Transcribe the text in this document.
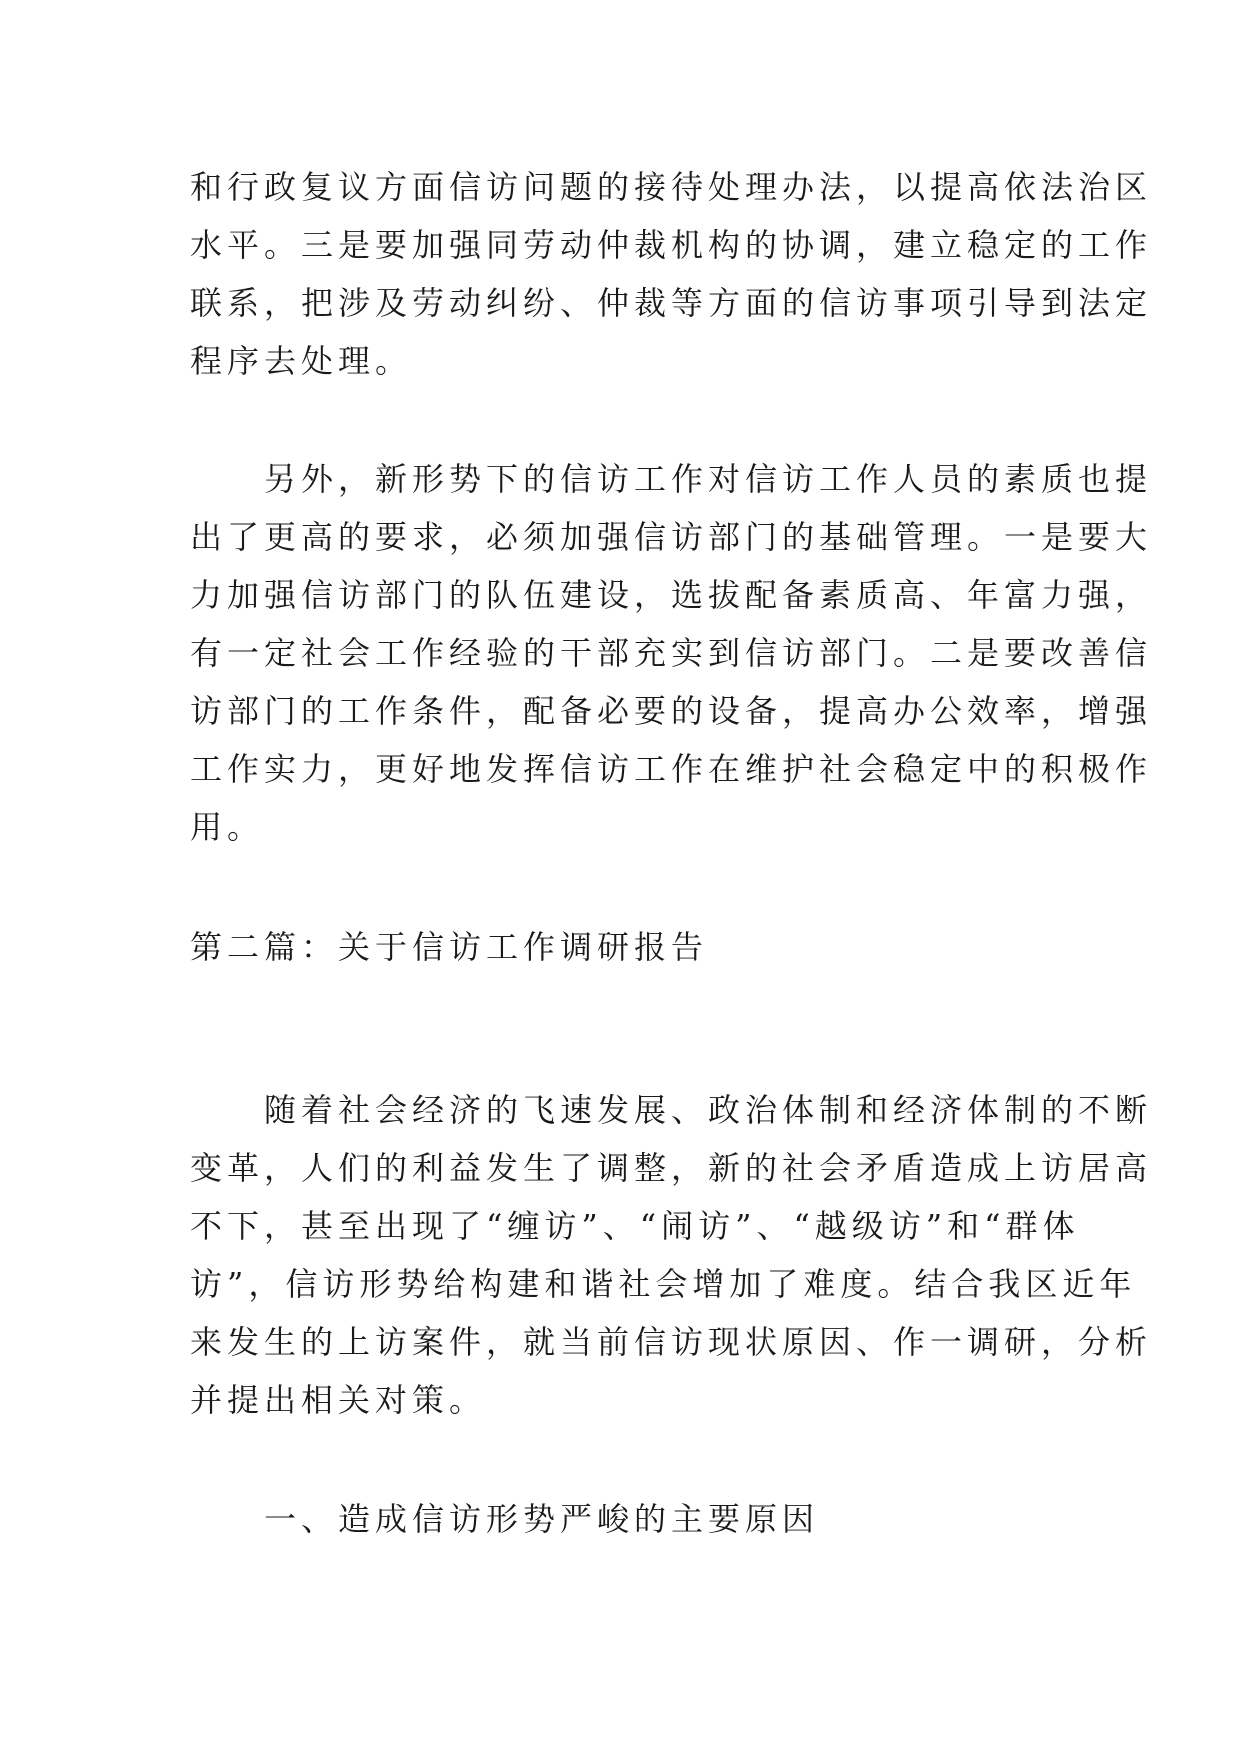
和行政复议方面信访问题的接待处理办法，以提高依法治区
水平。三是要加强同劳动仲裁机构的协调，建立稳定的工作
联系，把涉及劳动纠纷、仲裁等方面的信访事项引导到法定
程序去处理。
　　另外，新形势下的信访工作对信访工作人员的素质也提
出了更高的要求，必须加强信访部门的基础管理。一是要大
力加强信访部门的队伍建设，选拔配备素质高、年富力强，
有一定社会工作经验的干部充实到信访部门。二是要改善信
访部门的工作条件，配备必要的设备，提高办公效率，增强
工作实力，更好地发挥信访工作在维护社会稳定中的积极作
用。
第二篇：关于信访工作调研报告
　　随着社会经济的飞速发展、政治体制和经济体制的不断
变革，人们的利益发生了调整，新的社会矛盾造成上访居高
不下，甚至出现了“缠访”、“闹访”、“越级访”和“群体
访”，信访形势给构建和谐社会增加了难度。结合我区近年
来发生的上访案件，就当前信访现状原因、作一调研，分析
并提出相关对策。
　　一、造成信访形势严峻的主要原因
